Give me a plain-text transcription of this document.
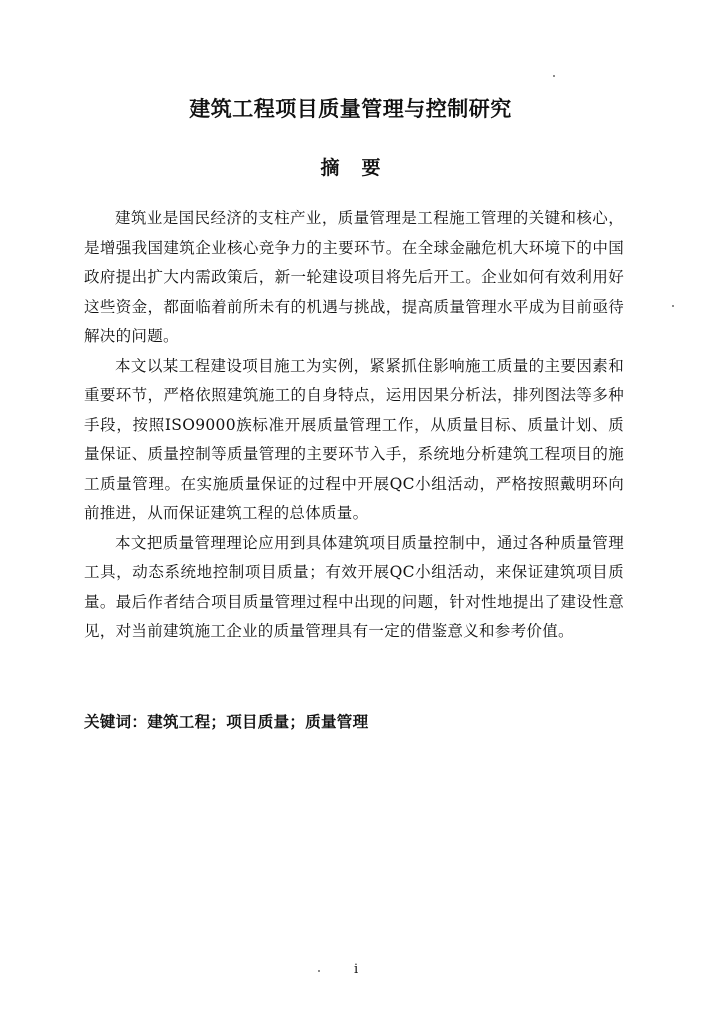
建筑工程项目质量管理与控制研究
摘要

建筑业是国民经济的支柱产业，质量管理是工程施工管理的关键和核心，是增强我国建筑企业核心竞争力的主要环节。在全球金融危机大环境下的中国政府提出扩大内需政策后，新一轮建设项目将先后开工。企业如何有效利用好这些资金，都面临着前所未有的机遇与挑战，提高质量管理水平成为目前亟待解决的问题。

本文以某工程建设项目施工为实例，紧紧抓住影响施工质量的主要因素和重要环节，严格依照建筑施工的自身特点，运用因果分析法，排列图法等多种手段，按照ISO9000族标准开展质量管理工作，从质量目标、质量计划、质量保证、质量控制等质量管理的主要环节入手，系统地分析建筑工程项目的施工质量管理。在实施质量保证的过程中开展QC小组活动，严格按照戴明环向前推进，从而保证建筑工程的总体质量。

本文把质量管理理论应用到具体建筑项目质量控制中，通过各种质量管理工具，动态系统地控制项目质量；有效开展QC小组活动，来保证建筑项目质量。最后作者结合项目质量管理过程中出现的问题，针对性地提出了建设性意见，对当前建筑施工企业的质量管理具有一定的借鉴意义和参考价值。

关键词：建筑工程；项目质量；质量管理
i
